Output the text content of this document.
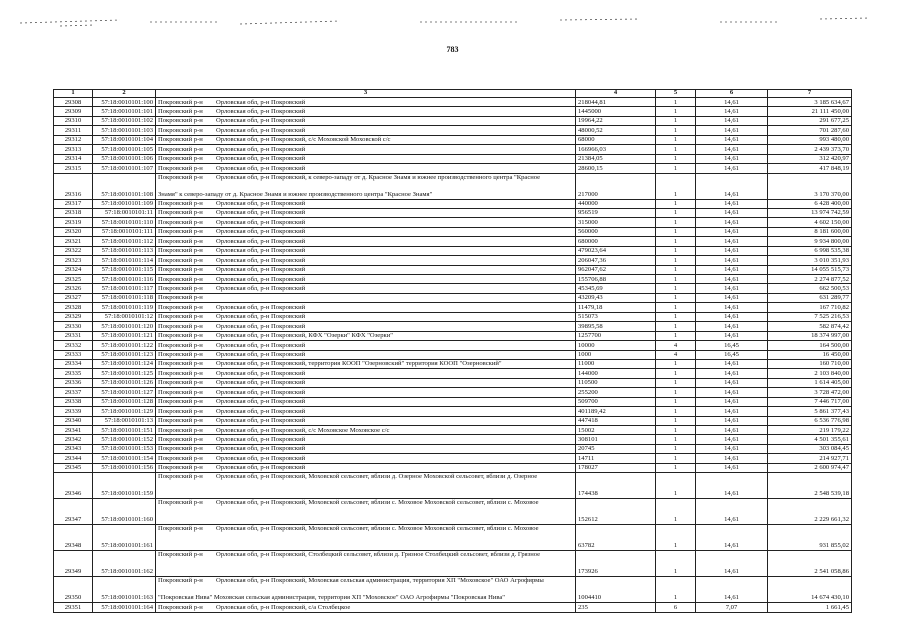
783
1	2	3	4	5	6	7
29308	57:18:0010101:100	Покровский р-н Орловская обл, р-н Покровский	218044,81	1	14,61	3 185 634,67
29309	57:18:0010101:101	Покровский р-н Орловская обл, р-н Покровский	1445000	1	14,61	21 111 450,00
29310	57:18:0010101:102	Покровский р-н Орловская обл, р-н Покровский	19964,22	1	14,61	291 677,25
29311	57:18:0010101:103	Покровский р-н Орловская обл, р-н Покровский	48000,52	1	14,61	701 287,60
29312	57:18:0010101:104	Покровский р-н Орловская обл, р-н Покровский, с/с Моховской Моховской с/с	68000	1	14,61	993 480,00
29313	57:18:0010101:105	Покровский р-н Орловская обл, р-н Покровский	166966,03	1	14,61	2 439 373,70
29314	57:18:0010101:106	Покровский р-н Орловская обл, р-н Покровский	21384,05	1	14,61	312 420,97
29315	57:18:0010101:107	Покровский р-н Орловская обл, р-н Покровский	28600,15	1	14,61	417 848,19
29316	57:18:0010101:108	Покровский р-н Орловская обл, р-н Покровский, к северо-западу от д. Красное Знамя и южнее производственного центра "Красное
Знамя" к северо-западу от д. Красное Знамя и южнее производственного центра "Красное Знамя"	217000	1	14,61	3 170 370,00
29317	57:18:0010101:109	Покровский р-н Орловская обл, р-н Покровский	440000	1	14,61	6 428 400,00
29318	57:18:0010101:11	Покровский р-н Орловская обл, р-н Покровский	956519	1	14,61	13 974 742,59
29319	57:18:0010101:110	Покровский р-н Орловская обл, р-н Покровский	315000	1	14,61	4 602 150,00
29320	57:18:0010101:111	Покровский р-н Орловская обл, р-н Покровский	560000	1	14,61	8 181 600,00
29321	57:18:0010101:112	Покровский р-н Орловская обл, р-н Покровский	680000	1	14,61	9 934 800,00
29322	57:18:0010101:113	Покровский р-н Орловская обл, р-н Покровский	479023,64	1	14,61	6 998 535,38
29323	57:18:0010101:114	Покровский р-н Орловская обл, р-н Покровский	206047,36	1	14,61	3 010 351,93
29324	57:18:0010101:115	Покровский р-н Орловская обл, р-н Покровский	962047,62	1	14,61	14 055 515,73
29325	57:18:0010101:116	Покровский р-н Орловская обл, р-н Покровский	155706,88	1	14,61	2 274 877,52
29326	57:18:0010101:117	Покровский р-н Орловская обл, р-н Покровский	45345,69	1	14,61	662 500,53
29327	57:18:0010101:118	Покровский р-н	43209,43	1	14,61	631 289,77
29328	57:18:0010101:119	Покровский р-н Орловская обл, р-н Покровский	11479,18	1	14,61	167 710,82
29329	57:18:0010101:12	Покровский р-н Орловская обл, р-н Покровский	515073	1	14,61	7 525 216,53
29330	57:18:0010101:120	Покровский р-н Орловская обл, р-н Покровский	39895,58	1	14,61	582 874,42
29331	57:18:0010101:121	Покровский р-н Орловская обл, р-н Покровский, КФХ "Озерки" КФХ "Озерки"	1257700	1	14,61	18 374 997,00
29332	57:18:0010101:122	Покровский р-н Орловская обл, р-н Покровский	10000	4	16,45	164 500,00
29333	57:18:0010101:123	Покровский р-н Орловская обл, р-н Покровский	1000	4	16,45	16 450,00
29334	57:18:0010101:124	Покровский р-н Орловская обл, р-н Покровский, территория КООП "Озерновский" территория КООП "Озерновский"	11000	1	14,61	160 710,00
29335	57:18:0010101:125	Покровский р-н Орловская обл, р-н Покровский	144000	1	14,61	2 103 840,00
29336	57:18:0010101:126	Покровский р-н Орловская обл, р-н Покровский	110500	1	14,61	1 614 405,00
29337	57:18:0010101:127	Покровский р-н Орловская обл, р-н Покровский	255200	1	14,61	3 728 472,00
29338	57:18:0010101:128	Покровский р-н Орловская обл, р-н Покровский	509700	1	14,61	7 446 717,00
29339	57:18:0010101:129	Покровский р-н Орловская обл, р-н Покровский	401189,42	1	14,61	5 861 377,43
29340	57:18:0010101:13	Покровский р-н Орловская обл, р-н Покровский	447418	1	14,61	6 536 776,98
29341	57:18:0010101:151	Покровский р-н Орловская обл, р-н Покровский, с/с Моховское Моховское с/с	15002	1	14,61	219 179,22
29342	57:18:0010101:152	Покровский р-н Орловская обл, р-н Покровский	308101	1	14,61	4 501 355,61
29343	57:18:0010101:153	Покровский р-н Орловская обл, р-н Покровский	20745	1	14,61	303 084,45
29344	57:18:0010101:154	Покровский р-н Орловская обл, р-н Покровский	14711	1	14,61	214 927,71
29345	57:18:0010101:156	Покровский р-н Орловская обл, р-н Покровский	178027	1	14,61	2 600 974,47
29346	57:18:0010101:159	Покровский р-н Орловская обл, р-н Покровский, Моховской сельсовет, вблизи д. Озерное Моховской сельсовет, вблизи д. Озерное	174438	1	14,61	2 548 539,18
29347	57:18:0010101:160	Покровский р-н Орловская обл, р-н Покровский, Моховской сельсовет, вблизи с. Моховое Моховской сельсовет, вблизи с. Моховое	152612	1	14,61	2 229 661,32
29348	57:18:0010101:161	Покровский р-н Орловская обл, р-н Покровский, Моховской сельсовет, вблизи с. Моховое Моховской сельсовет, вблизи с. Моховое	63782	1	14,61	931 855,02
29349	57:18:0010101:162	Покровский р-н Орловская обл, р-н Покровский, Столбецкий сельсовет, вблизи д. Грязное Столбецкий сельсовет, вблизи д. Грязное	173926	1	14,61	2 541 058,86
29350	57:18:0010101:163	Покровский р-н Орловская обл, р-н Покровский, Моховская сельская администрация, территория ХП "Моховское" ОАО Агрофирмы
"Покровская Нива" Моховская сельская администрация, территория ХП "Моховское" ОАО Агрофирмы "Покровская Нива"	1004410	1	14,61	14 674 430,10
29351	57:18:0010101:164	Покровский р-н Орловская обл, р-н Покровский, с/а Столбецкое	235	6	7,07	1 661,45
